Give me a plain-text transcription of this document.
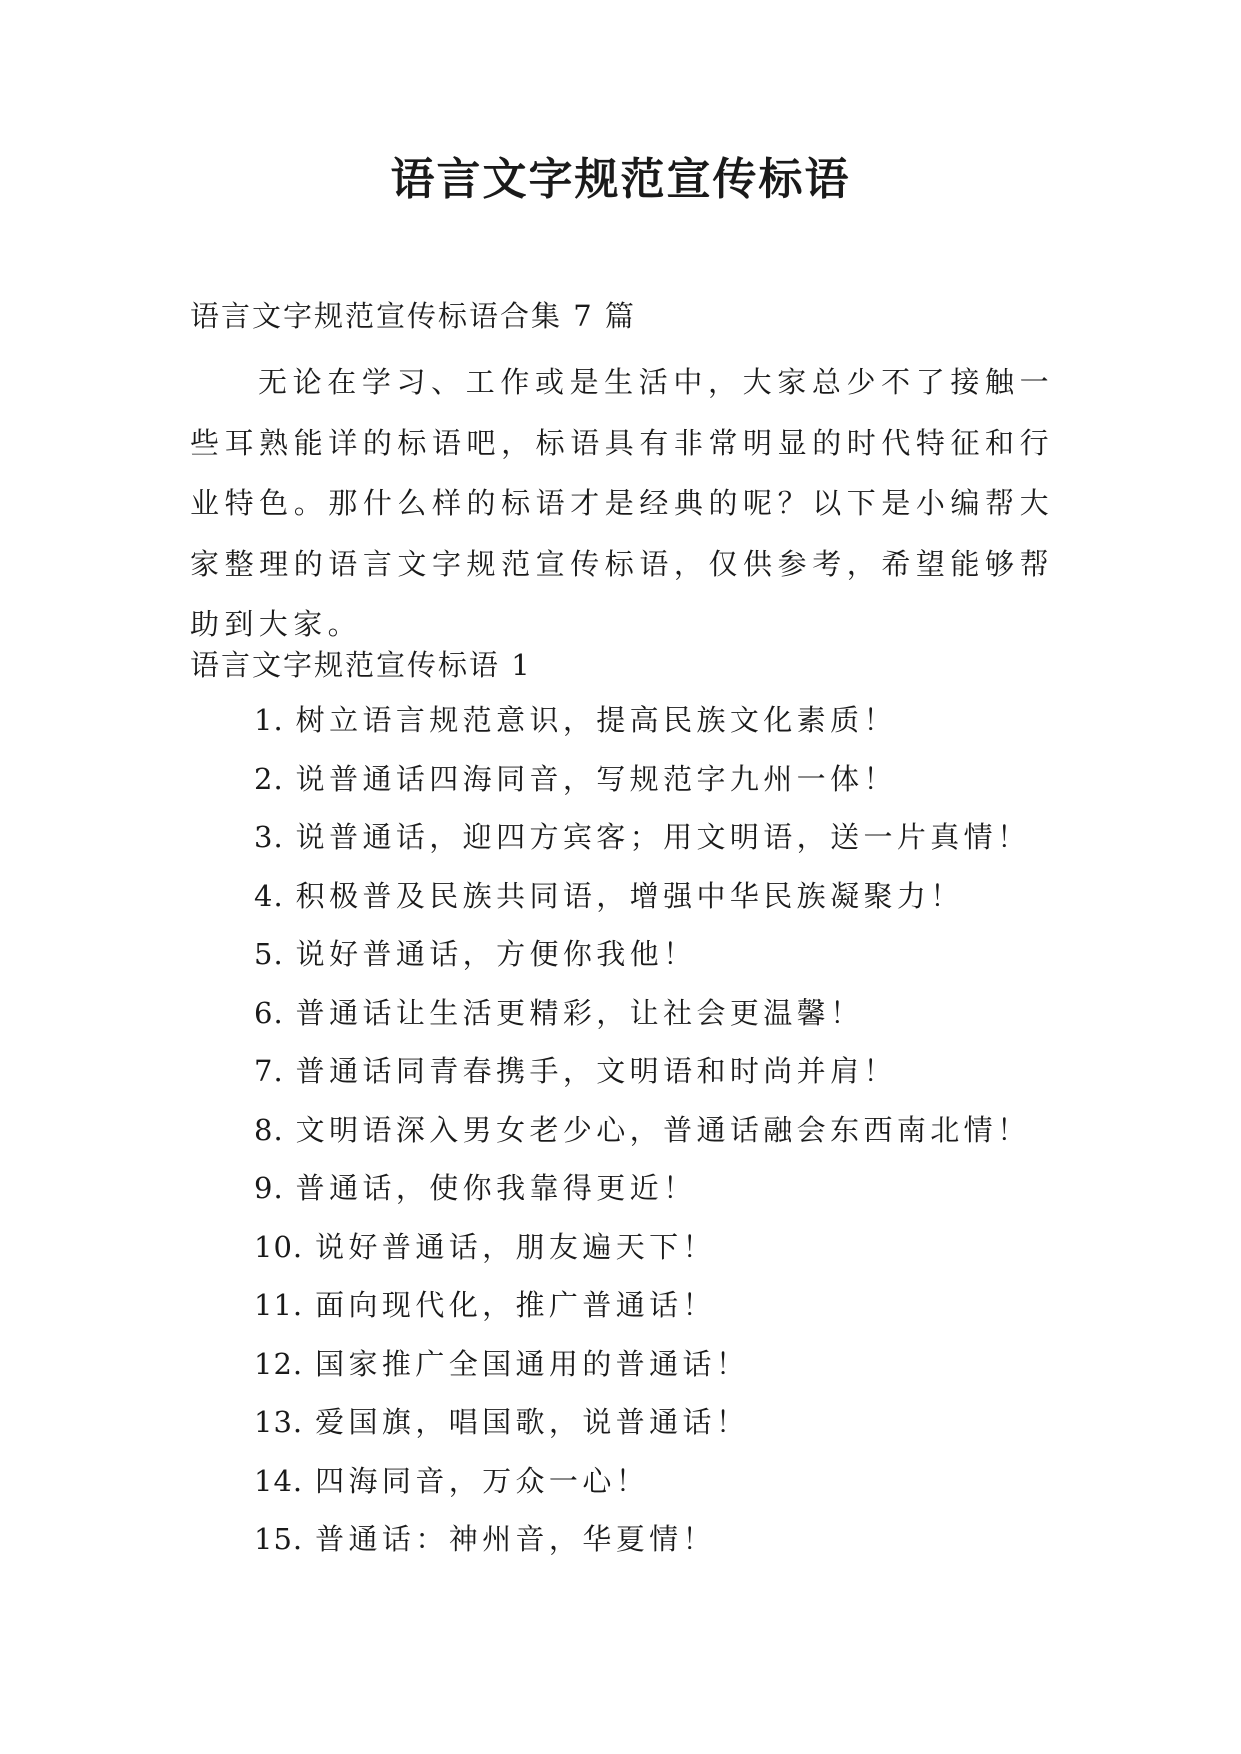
语言文字规范宣传标语

语言文字规范宣传标语合集 7 篇

无论在学习、工作或是生活中，大家总少不了接触一些耳熟能详的标语吧，标语具有非常明显的时代特征和行业特色。那什么样的标语才是经典的呢？以下是小编帮大家整理的语言文字规范宣传标语，仅供参考，希望能够帮助到大家。

语言文字规范宣传标语 1

1. 树立语言规范意识，提高民族文化素质！
2. 说普通话四海同音，写规范字九州一体！
3. 说普通话，迎四方宾客；用文明语，送一片真情！
4. 积极普及民族共同语，增强中华民族凝聚力！
5. 说好普通话，方便你我他！
6. 普通话让生活更精彩，让社会更温馨！
7. 普通话同青春携手，文明语和时尚并肩！
8. 文明语深入男女老少心，普通话融会东西南北情！
9. 普通话，使你我靠得更近！
10. 说好普通话，朋友遍天下！
11. 面向现代化，推广普通话！
12. 国家推广全国通用的普通话！
13. 爱国旗，唱国歌，说普通话！
14. 四海同音，万众一心！
15. 普通话：神州音，华夏情！
